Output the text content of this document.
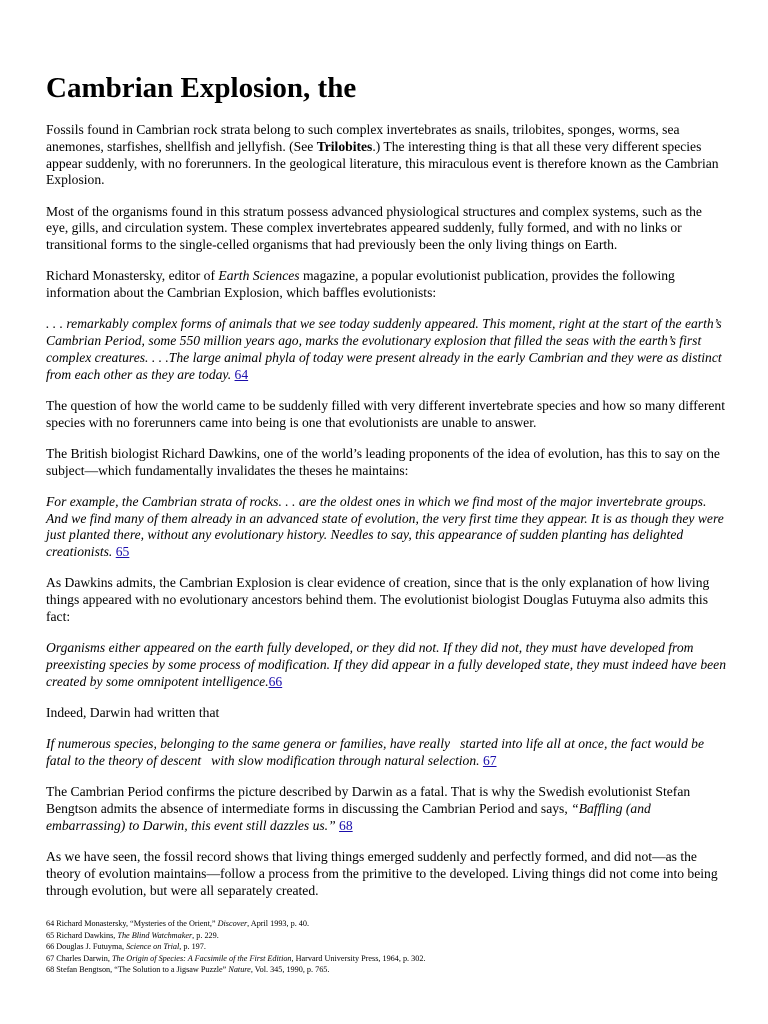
Cambrian Explosion, the

Fossils found in Cambrian rock strata belong to such complex invertebrates as snails, trilobites, sponges, worms, sea anemones, starfishes, shellfish and jellyfish. (See Trilobites.) The interesting thing is that all these very different species appear suddenly, with no forerunners. In the geological literature, this miraculous event is therefore known as the Cambrian Explosion.

Most of the organisms found in this stratum possess advanced physiological structures and complex systems, such as the eye, gills, and circulation system. These complex invertebrates appeared suddenly, fully formed, and with no links or transitional forms to the single-celled organisms that had previously been the only living things on Earth.

Richard Monastersky, editor of Earth Sciences magazine, a popular evolutionist publication, provides the following information about the Cambrian Explosion, which baffles evolutionists:

. . . remarkably complex forms of animals that we see today suddenly appeared. This moment, right at the start of the earth’s Cambrian Period, some 550 million years ago, marks the evolutionary explosion that filled the seas with the earth’s first complex creatures. . . .The large animal phyla of today were present already in the early Cambrian and they were as distinct from each other as they are today. 64

The question of how the world came to be suddenly filled with very different invertebrate species and how so many different species with no forerunners came into being is one that evolutionists are unable to answer.

The British biologist Richard Dawkins, one of the world’s leading proponents of the idea of evolution, has this to say on the subject—which fundamentally invalidates the theses he maintains:

For example, the Cambrian strata of rocks. . . are the oldest ones in which we find most of the major invertebrate groups. And we find many of them already in an advanced state of evolution, the very first time they appear. It is as though they were just planted there, without any evolutionary history. Needles to say, this appearance of sudden planting has delighted creationists. 65

As Dawkins admits, the Cambrian Explosion is clear evidence of creation, since that is the only explanation of how living things appeared with no evolutionary ancestors behind them. The evolutionist biologist Douglas Futuyma also admits this fact:

Organisms either appeared on the earth fully developed, or they did not. If they did not, they must have developed from preexisting species by some process of modification. If they did appear in a fully developed state, they must indeed have been created by some omnipotent intelligence.66

Indeed, Darwin had written that

If numerous species, belonging to the same genera or families, have really started into life all at once, the fact would be fatal to the theory of descent with slow modification through natural selection. 67

The Cambrian Period confirms the picture described by Darwin as a fatal. That is why the Swedish evolutionist Stefan Bengtson admits the absence of intermediate forms in discussing the Cambrian Period and says, “Baffling (and embarrassing) to Darwin, this event still dazzles us.” 68

As we have seen, the fossil record shows that living things emerged suddenly and perfectly formed, and did not—as the theory of evolution maintains—follow a process from the primitive to the developed. Living things did not come into being through evolution, but were all separately created.

64 Richard Monastersky, “Mysteries of the Orient,” Discover, April 1993, p. 40.
65 Richard Dawkins, The Blind Watchmaker, p. 229.
66 Douglas J. Futuyma, Science on Trial, p. 197.
67 Charles Darwin, The Origin of Species: A Facsimile of the First Edition, Harvard University Press, 1964, p. 302.
68 Stefan Bengtson, “The Solution to a Jigsaw Puzzle” Nature, Vol. 345, 1990, p. 765.
